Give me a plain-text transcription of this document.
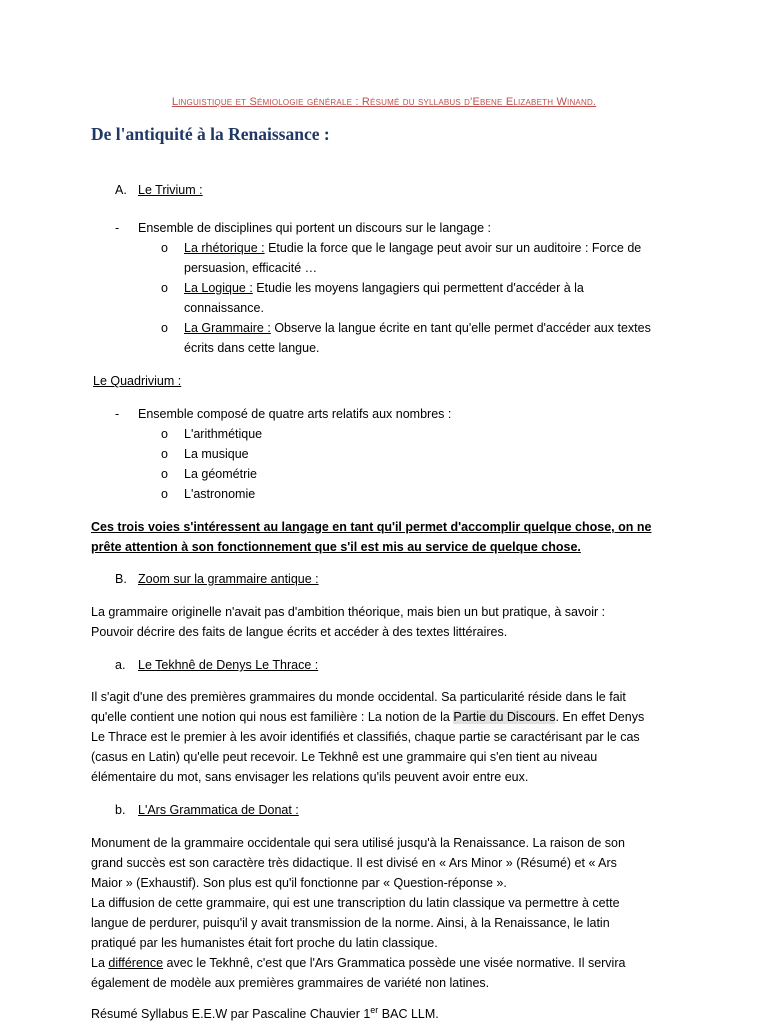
Linguistique et Sémiologie générale : Résumé du syllabus d'Ebene Elizabeth Winand.
De l'antiquité à la Renaissance :
A. Le Trivium :
- Ensemble de disciplines qui portent un discours sur le langage :
o La rhétorique : Etudie la force que le langage peut avoir sur un auditoire : Force de
persuasion, efficacité …
o La Logique : Etudie les moyens langagiers qui permettent d'accéder à la
connaissance.
o La Grammaire : Observe la langue écrite en tant qu'elle permet d'accéder aux textes
écrits dans cette langue.
Le Quadrivium :
- Ensemble composé de quatre arts relatifs aux nombres :
o L'arithmétique
o La musique
o La géométrie
o L'astronomie
Ces trois voies s'intéressent au langage en tant qu'il permet d'accomplir quelque chose, on ne
prête attention à son fonctionnement que s'il est mis au service de quelque chose.
B. Zoom sur la grammaire antique :
La grammaire originelle n'avait pas d'ambition théorique, mais bien un but pratique, à savoir :
Pouvoir décrire des faits de langue écrits et accéder à des textes littéraires.
a. Le Tekhnê de Denys Le Thrace :
Il s'agit d'une des premières grammaires du monde occidental. Sa particularité réside dans le fait
qu'elle contient une notion qui nous est familière : La notion de la Partie du Discours. En effet Denys
Le Thrace est le premier à les avoir identifiés et classifiés, chaque partie se caractérisant par le cas
(casus en Latin) qu'elle peut recevoir. Le Tekhnê est une grammaire qui s'en tient au niveau
élémentaire du mot, sans envisager les relations qu'ils peuvent avoir entre eux.
b. L'Ars Grammatica de Donat :
Monument de la grammaire occidentale qui sera utilisé jusqu'à la Renaissance. La raison de son
grand succès est son caractère très didactique. Il est divisé en « Ars Minor » (Résumé) et « Ars
Maior » (Exhaustif). Son plus est qu'il fonctionne par « Question-réponse ».
La diffusion de cette grammaire, qui est une transcription du latin classique va permettre à cette
langue de perdurer, puisqu'il y avait transmission de la norme. Ainsi, à la Renaissance, le latin
pratiqué par les humanistes était fort proche du latin classique.
La différence avec le Tekhnê, c'est que l'Ars Grammatica possède une visée normative. Il servira
également de modèle aux premières grammaires de variété non latines.
Résumé Syllabus E.E.W par Pascaline Chauvier 1er BAC LLM.
